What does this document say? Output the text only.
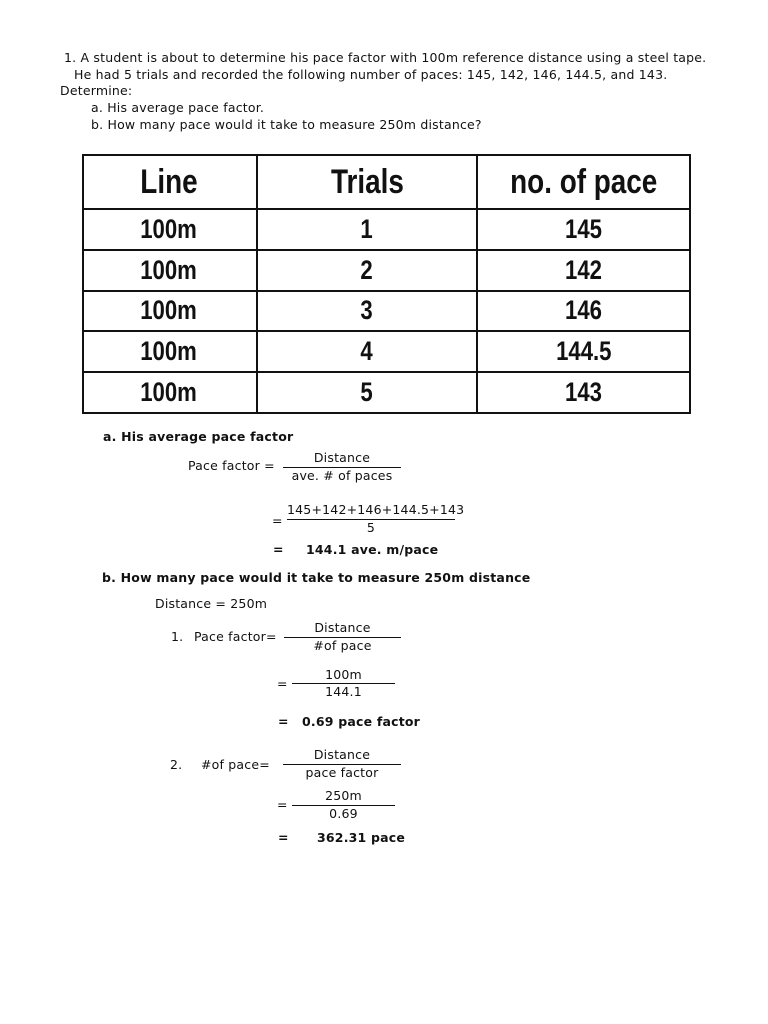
1. A student is about to determine his pace factor with 100m reference distance using a steel tape.
He had 5 trials and recorded the following number of paces: 145, 142, 146, 144.5, and 143.
Determine:
a. His average pace factor.
b. How many pace would it take to measure 250m distance?
Line	Trials	no. of pace
100m	1	145
100m	2	142
100m	3	146
100m	4	144.5
100m	5	143
a. His average pace factor
Pace factor =
Distance
ave. # of paces
=
145+142+146+144.5+143
5
= 144.1 ave. m/pace
b. How many pace would it take to measure 250m distance
Distance = 250m
1. Pace factor=
Distance
#of pace
=
100m
144.1
= 0.69 pace factor
2. #of pace=
Distance
pace factor
=
250m
0.69
= 362.31 pace
